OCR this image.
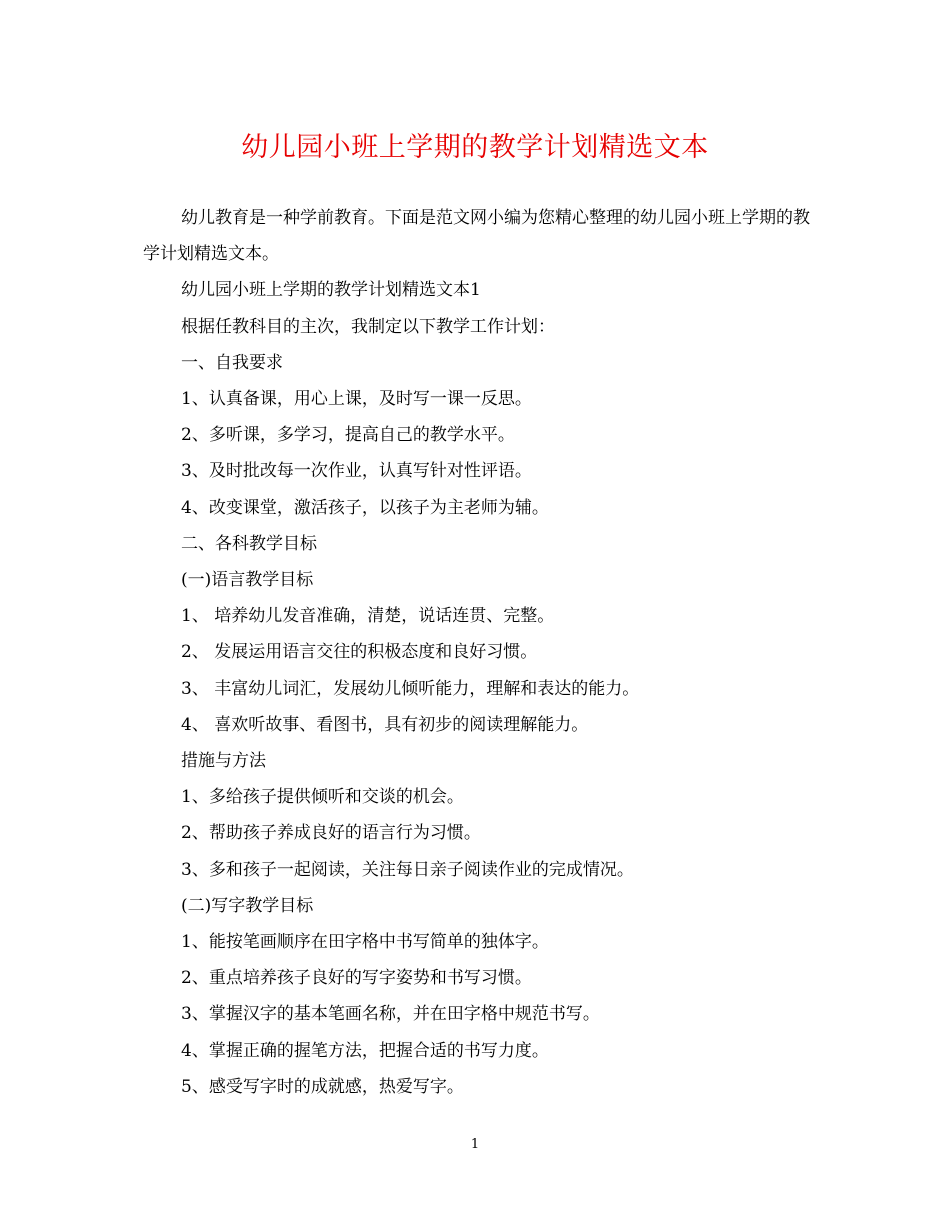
幼儿园小班上学期的教学计划精选文本

幼儿教育是一种学前教育。下面是范文网小编为您精心整理的幼儿园小班上学期的教学计划精选文本。

幼儿园小班上学期的教学计划精选文本1

根据任教科目的主次，我制定以下教学工作计划：

一、自我要求

1、认真备课，用心上课，及时写一课一反思。

2、多听课，多学习，提高自己的教学水平。

3、及时批改每一次作业，认真写针对性评语。

4、改变课堂，激活孩子，以孩子为主老师为辅。

二、各科教学目标

(一)语言教学目标

1、 培养幼儿发音准确，清楚，说话连贯、完整。

2、 发展运用语言交往的积极态度和良好习惯。

3、 丰富幼儿词汇，发展幼儿倾听能力，理解和表达的能力。

4、 喜欢听故事、看图书，具有初步的阅读理解能力。

措施与方法

1、多给孩子提供倾听和交谈的机会。

2、帮助孩子养成良好的语言行为习惯。

3、多和孩子一起阅读，关注每日亲子阅读作业的完成情况。

(二)写字教学目标

1、能按笔画顺序在田字格中书写简单的独体字。

2、重点培养孩子良好的写字姿势和书写习惯。

3、掌握汉字的基本笔画名称，并在田字格中规范书写。

4、掌握正确的握笔方法，把握合适的书写力度。

5、感受写字时的成就感，热爱写字。

1
